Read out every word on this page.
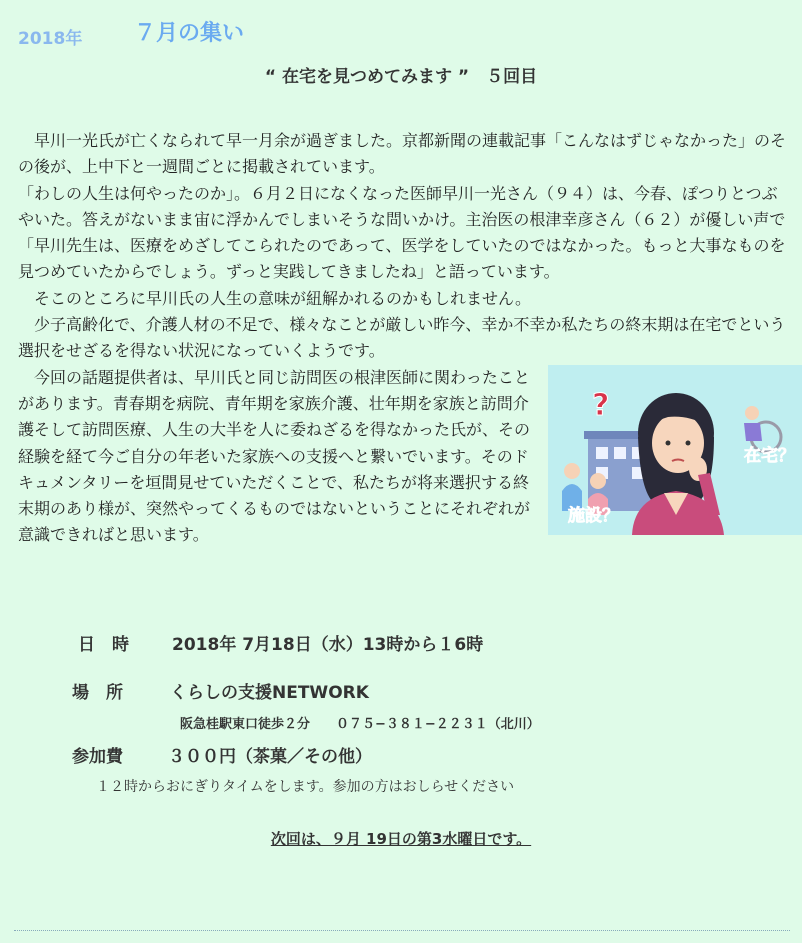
2018年 ７月の集い
“ 在宅を見つめてみます ”　５回目

早川一光氏が亡くなられて早一月余が過ぎました。京都新聞の連載記事「こんなはずじゃなかった」のその後が、上中下と一週間ごとに掲載されています。

「わしの人生は何やったのか」。６月２日になくなった医師早川一光さん（９４）は、今春、ぽつりとつぶやいた。答えがないまま宙に浮かんでしまいそうな問いかけ。主治医の根津幸彦さん（６２）が優しい声で「早川先生は、医療をめざしてこられたのであって、医学をしていたのではなかった。もっと大事なものを見つめていたからでしょう。ずっと実践してきましたね」と語っています。

そこのところに早川氏の人生の意味が紐解かれるのかもしれません。

少子高齢化で、介護人材の不足で、様々なことが厳しい昨今、幸か不幸か私たちの終末期は在宅でという選択をせざるを得ない状況になっていくようです。

?
在宅？
施設？

今回の話題提供者は、早川氏と同じ訪問医の根津医師に関わったことがあります。青春期を病院、青年期を家族介護、壮年期を家族と訪問介護そして訪問医療、人生の大半を人に委ねざるを得なかった氏が、その経験を経て今ご自分の年老いた家族への支援へと繋いでいます。そのドキュメンタリーを垣間見せていただくことで、私たちが将来選択する終末期のあり様が、突然やってくるものではないということにそれぞれが意識できればと思います。

日　時	2018年 7月18日（水）13時から１6時
場　所	くらしの支援NETWORK
阪急桂駅東口徒歩２分　　０７５−３８１−２２３１（北川）
参加費	３００円（茶菓／その他）
１２時からおにぎりタイムをします。参加の方はおしらせください
次回は、９月 19日の第3水曜日です。
